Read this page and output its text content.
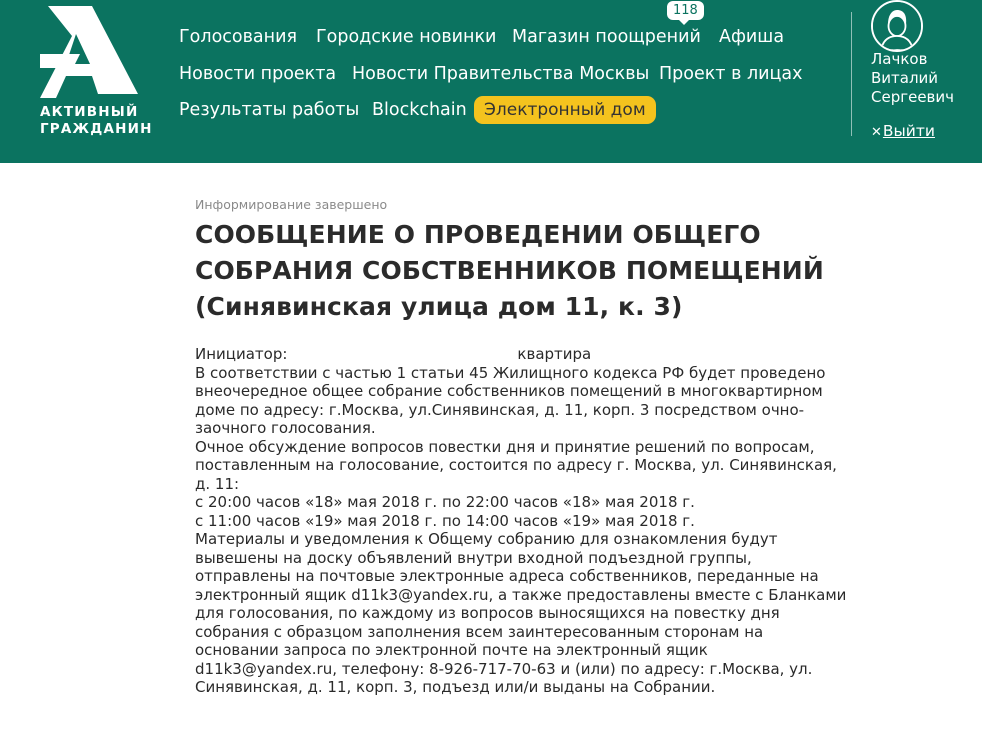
АКТИВНЫЙ
ГРАЖДАНИН
Голосования Городские новинки Магазин поощрений Афиша
Новости проекта Новости Правительства Москвы Проект в лицах
Результаты работы Blockchain	Электронный дом
118
Лачков
Виталий
Сергеевич
✕Выйти
Информирование завершено
СООБЩЕНИЕ О ПРОВЕДЕНИИ ОБЩЕГО
СОБРАНИЯ СОБСТВЕННИКОВ ПОМЕЩЕНИЙ
(Синявинская улица дом 11, к. 3)
Инициатор:	квартира
В соответствии с частью 1 статьи 45 Жилищного кодекса РФ будет проведено
внеочередное общее собрание собственников помещений в многоквартирном
доме по адресу: г.Москва, ул.Синявинская, д. 11, корп. 3 посредством очно-
заочного голосования.
Очное обсуждение вопросов повестки дня и принятие решений по вопросам,
поставленным на голосование, состоится по адресу г. Москва, ул. Синявинская,
д. 11:
с 20:00 часов «18» мая 2018 г. по 22:00 часов «18» мая 2018 г.
с 11:00 часов «19» мая 2018 г. по 14:00 часов «19» мая 2018 г.
Материалы и уведомления к Общему собранию для ознакомления будут
вывешены на доску объявлений внутри входной подъездной группы,
отправлены на почтовые электронные адреса собственников, переданные на
электронный ящик d11k3@yandex.ru, а также предоставлены вместе с Бланками
для голосования, по каждому из вопросов выносящихся на повестку дня
собрания с образцом заполнения всем заинтересованным сторонам на
основании запроса по электронной почте на электронный ящик
d11k3@yandex.ru, телефону: 8-926-717-70-63 и (или) по адресу: г.Москва, ул.
Синявинская, д. 11, корп. 3, подъезд или/и выданы на Собрании.
